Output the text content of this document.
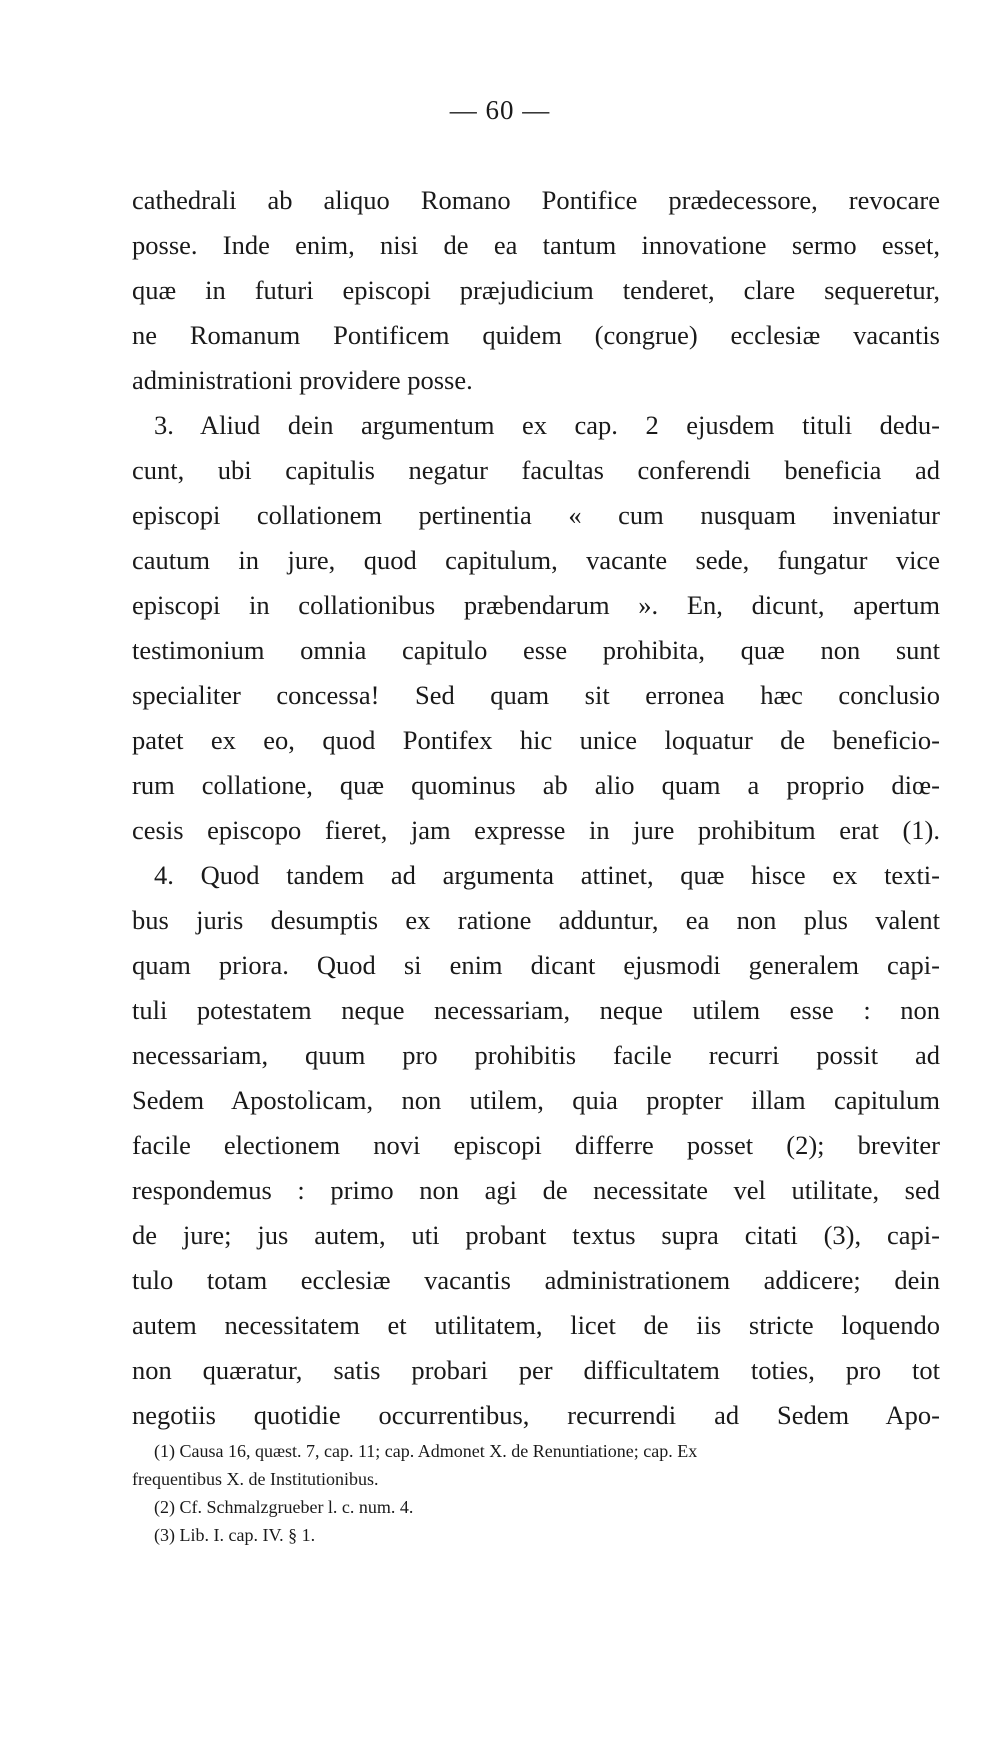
— 60 —
cathedrali ab aliquo Romano Pontifice prædecessore, revocare
posse. Inde enim, nisi de ea tantum innovatione sermo esset,
quæ in futuri episcopi præjudicium tenderet, clare sequeretur,
ne Romanum Pontificem quidem (congrue) ecclesiæ vacantis
administrationi providere posse.
3. Aliud dein argumentum ex cap. 2 ejusdem tituli dedu-
cunt, ubi capitulis negatur facultas conferendi beneficia ad
episcopi collationem pertinentia « cum nusquam inveniatur
cautum in jure, quod capitulum, vacante sede, fungatur vice
episcopi in collationibus præbendarum ». En, dicunt, apertum
testimonium omnia capitulo esse prohibita, quæ non sunt
specialiter concessa! Sed quam sit erronea hæc conclusio
patet ex eo, quod Pontifex hic unice loquatur de beneficio-
rum collatione, quæ quominus ab alio quam a proprio diœ-
cesis episcopo fieret, jam expresse in jure prohibitum erat (1).
4. Quod tandem ad argumenta attinet, quæ hisce ex texti-
bus juris desumptis ex ratione adduntur, ea non plus valent
quam priora. Quod si enim dicant ejusmodi generalem capi-
tuli potestatem neque necessariam, neque utilem esse : non
necessariam, quum pro prohibitis facile recurri possit ad
Sedem Apostolicam, non utilem, quia propter illam capitulum
facile electionem novi episcopi differre posset (2); breviter
respondemus : primo non agi de necessitate vel utilitate, sed
de jure; jus autem, uti probant textus supra citati (3), capi-
tulo totam ecclesiæ vacantis administrationem addicere; dein
autem necessitatem et utilitatem, licet de iis stricte loquendo
non quæratur, satis probari per difficultatem toties, pro tot
negotiis quotidie occurrentibus, recurrendi ad Sedem Apo-
(1) Causa 16, quæst. 7, cap. 11; cap. Admonet X. de Renuntiatione; cap. Ex
frequentibus X. de Institutionibus.
(2) Cf. Schmalzgrueber l. c. num. 4.
(3) Lib. I. cap. IV. § 1.
